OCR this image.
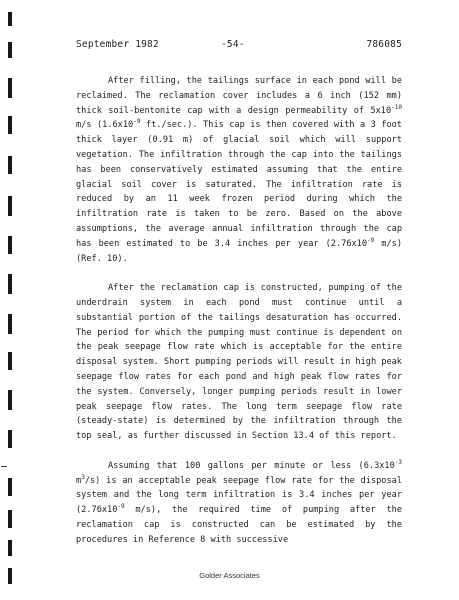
September 1982	-54-	786085

After filling, the tailings surface in each pond will be reclaimed. The reclamation cover includes a 6 inch (152 mm) thick soil-bentonite cap with a design permeability of $5x10^{-10}$ m/s ($1.6x10^{-9}$ ft./sec.). This cap is then covered with a 3 foot thick layer (0.91 m) of glacial soil which will support vegetation. The infiltration through the cap into the tailings has been conservatively estimated assuming that the entire glacial soil cover is saturated. The infiltration rate is reduced by an 11 week frozen period during which the infiltration rate is taken to be zero. Based on the above assumptions, the average annual infiltration through the cap has been estimated to be 3.4 inches per year ($2.76x10^{-9}$ m/s) (Ref. 10).

After the reclamation cap is constructed, pumping of the underdrain system in each pond must continue until a substantial portion of the tailings desaturation has occurred. The period for which the pumping must continue is dependent on the peak seepage flow rate which is acceptable for the entire disposal system. Short pumping periods will result in high peak seepage flow rates for each pond and high peak flow rates for the system. Conversely, longer pumping periods result in lower peak seepage flow rates. The long term seepage flow rate (steady-state) is determined by the infiltration through the top seal, as further discussed in Section 13.4 of this report.

Assuming that 100 gallons per minute or less ($6.3x10^{-3}$ $m^3/s$) is an acceptable peak seepage flow rate for the disposal system and the long term infiltration is 3.4 inches per year ($2.76x10^{-9}$ m/s), the required time of pumping after the reclamation cap is constructed can be estimated by the procedures in Reference 8 with successive

Golder Associates
